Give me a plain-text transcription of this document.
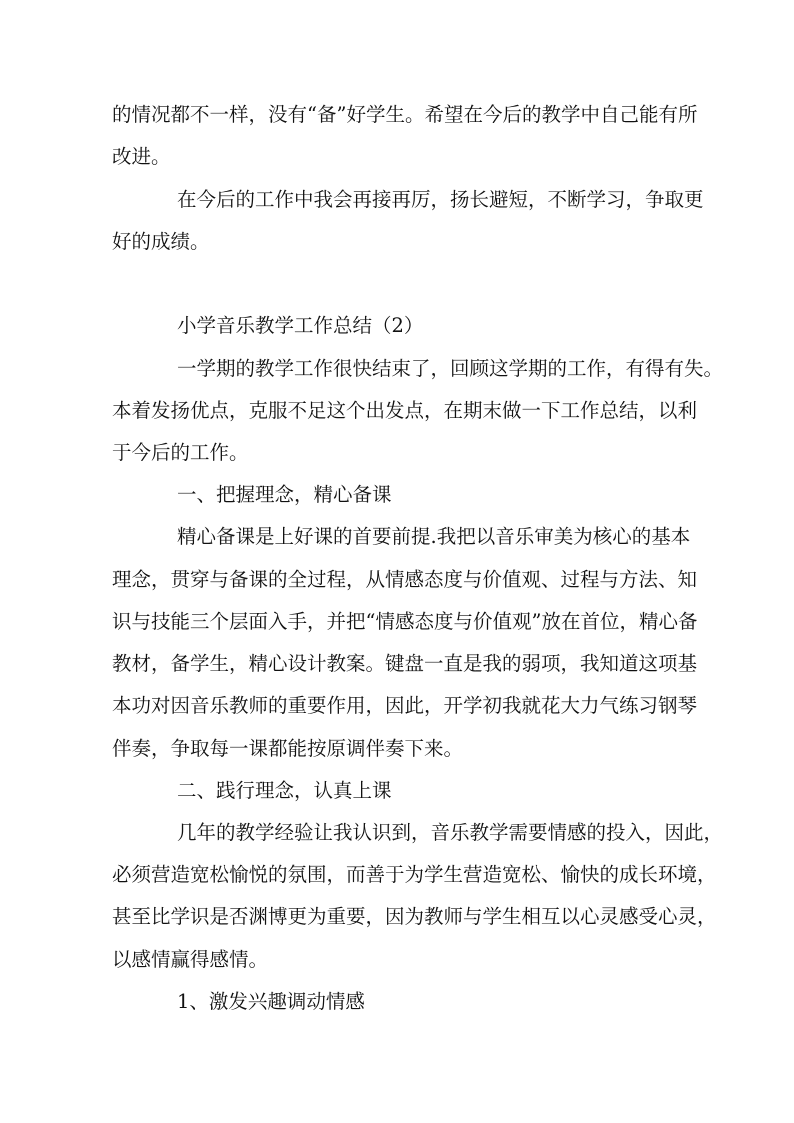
的情况都不一样，没有“备”好学生。希望在今后的教学中自己能有所
改进。
在今后的工作中我会再接再厉，扬长避短，不断学习，争取更
好的成绩。
小学音乐教学工作总结（2）
一学期的教学工作很快结束了，回顾这学期的工作，有得有失。
本着发扬优点，克服不足这个出发点，在期末做一下工作总结，以利
于今后的工作。
一、把握理念，精心备课
精心备课是上好课的首要前提.我把以音乐审美为核心的基本
理念，贯穿与备课的全过程，从情感态度与价值观、过程与方法、知
识与技能三个层面入手，并把“情感态度与价值观”放在首位，精心备
教材，备学生，精心设计教案。键盘一直是我的弱项，我知道这项基
本功对因音乐教师的重要作用，因此，开学初我就花大力气练习钢琴
伴奏，争取每一课都能按原调伴奏下来。
二、践行理念，认真上课
几年的教学经验让我认识到，音乐教学需要情感的投入，因此，
必须营造宽松愉悦的氛围，而善于为学生营造宽松、愉快的成长环境，
甚至比学识是否渊博更为重要，因为教师与学生相互以心灵感受心灵，
以感情赢得感情。
1、激发兴趣调动情感
